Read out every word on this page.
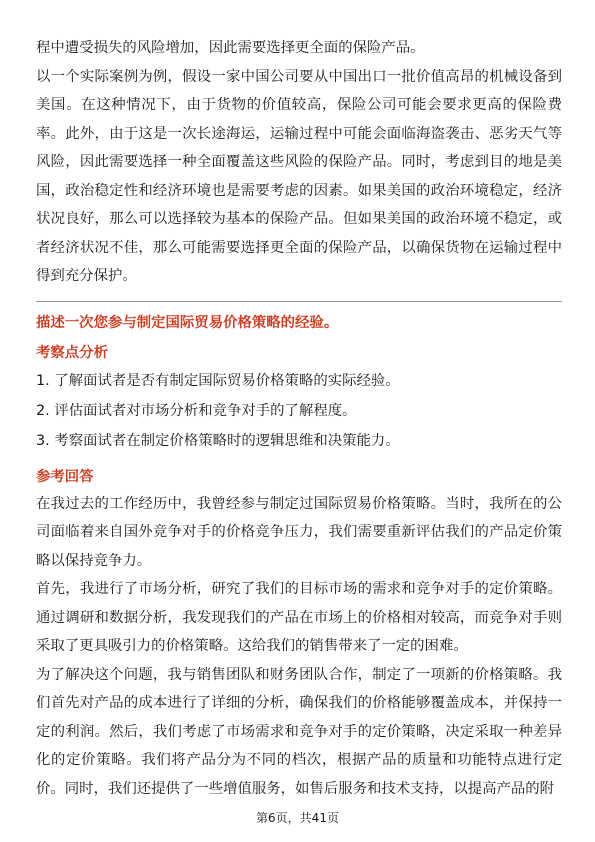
程中遭受损失的风险增加，因此需要选择更全面的保险产品。

以一个实际案例为例，假设一家中国公司要从中国出口一批价值高昂的机械设备到美国。在这种情况下，由于货物的价值较高，保险公司可能会要求更高的保险费率。此外，由于这是一次长途海运，运输过程中可能会面临海盗袭击、恶劣天气等风险，因此需要选择一种全面覆盖这些风险的保险产品。同时，考虑到目的地是美国，政治稳定性和经济环境也是需要考虑的因素。如果美国的政治环境稳定，经济状况良好，那么可以选择较为基本的保险产品。但如果美国的政治环境不稳定，或者经济状况不佳，那么可能需要选择更全面的保险产品，以确保货物在运输过程中得到充分保护。

描述一次您参与制定国际贸易价格策略的经验。

考察点分析

1. 了解面试者是否有制定国际贸易价格策略的实际经验。

2. 评估面试者对市场分析和竞争对手的了解程度。

3. 考察面试者在制定价格策略时的逻辑思维和决策能力。

参考回答

在我过去的工作经历中，我曾经参与制定过国际贸易价格策略。当时，我所在的公司面临着来自国外竞争对手的价格竞争压力，我们需要重新评估我们的产品定价策略以保持竞争力。

首先，我进行了市场分析，研究了我们的目标市场的需求和竞争对手的定价策略。通过调研和数据分析，我发现我们的产品在市场上的价格相对较高，而竞争对手则采取了更具吸引力的价格策略。这给我们的销售带来了一定的困难。

为了解决这个问题，我与销售团队和财务团队合作，制定了一项新的价格策略。我们首先对产品的成本进行了详细的分析，确保我们的价格能够覆盖成本，并保持一定的利润。然后，我们考虑了市场需求和竞争对手的定价策略，决定采取一种差异化的定价策略。我们将产品分为不同的档次，根据产品的质量和功能特点进行定价。同时，我们还提供了一些增值服务，如售后服务和技术支持，以提高产品的附

第6页，共41页
